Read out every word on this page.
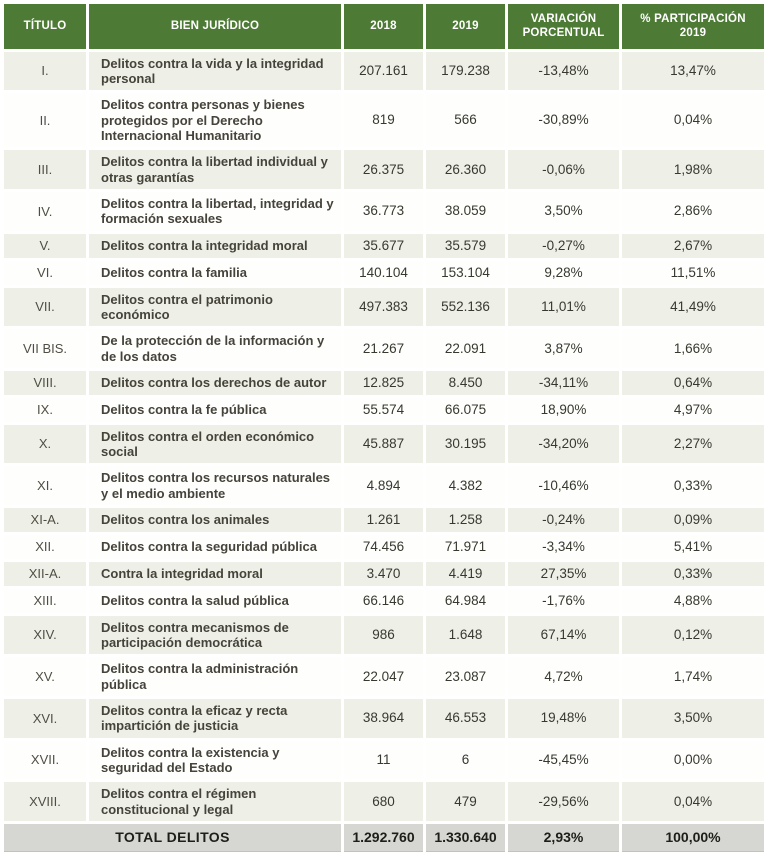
TÍTULO	BIEN JURÍDICO	2018	2019	VARIACIÓN PORCENTUAL	% PARTICIPACIÓN 2019
I.	Delitos contra la vida y la integridad personal	207.161	179.238	-13,48%	13,47%
II.	Delitos contra personas y bienes protegidos por el Derecho Internacional Humanitario	819	566	-30,89%	0,04%
III.	Delitos contra la libertad individual y otras garantías	26.375	26.360	-0,06%	1,98%
IV.	Delitos contra la libertad, integridad y formación sexuales	36.773	38.059	3,50%	2,86%
V.	Delitos contra la integridad moral	35.677	35.579	-0,27%	2,67%
VI.	Delitos contra la familia	140.104	153.104	9,28%	11,51%
VII.	Delitos contra el patrimonio económico	497.383	552.136	11,01%	41,49%
VII BIS.	De la protección de la información y de los datos	21.267	22.091	3,87%	1,66%
VIII.	Delitos contra los derechos de autor	12.825	8.450	-34,11%	0,64%
IX.	Delitos contra la fe pública	55.574	66.075	18,90%	4,97%
X.	Delitos contra el orden económico social	45.887	30.195	-34,20%	2,27%
XI.	Delitos contra los recursos naturales y el medio ambiente	4.894	4.382	-10,46%	0,33%
XI-A.	Delitos contra los animales	1.261	1.258	-0,24%	0,09%
XII.	Delitos contra la seguridad pública	74.456	71.971	-3,34%	5,41%
XII-A.	Contra la integridad moral	3.470	4.419	27,35%	0,33%
XIII.	Delitos contra la salud pública	66.146	64.984	-1,76%	4,88%
XIV.	Delitos contra mecanismos de participación democrática	986	1.648	67,14%	0,12%
XV.	Delitos contra la administración pública	22.047	23.087	4,72%	1,74%
XVI.	Delitos contra la eficaz y recta impartición de justicia	38.964	46.553	19,48%	3,50%
XVII.	Delitos contra la existencia y seguridad del Estado	11	6	-45,45%	0,00%
XVIII.	Delitos contra el régimen constitucional y legal	680	479	-29,56%	0,04%
TOTAL DELITOS		1.292.760	1.330.640	2,93%	100,00%
